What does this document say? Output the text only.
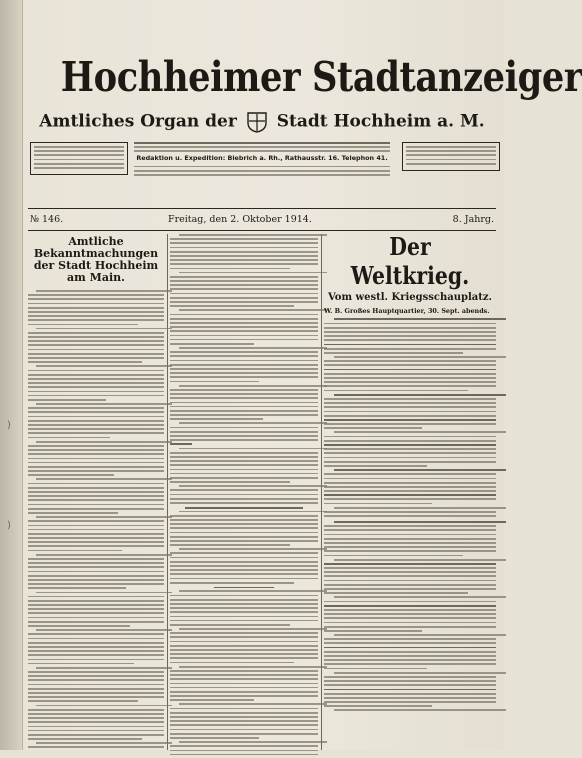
)
)
Hochheimer Stadtanzeiger
Amtliches Organ der Stadt Hochheim a. M.
Redaktion u. Expedition: Biebrich a. Rh., Rathausstr. 16. Telephon 41.
№ 146.	Freitag, den 2. Oktober 1914.	8. Jahrg.
Amtliche Bekanntmachungen der Stadt Hochheim am Main.
Der Weltkrieg.
Vom westl. Kriegsschauplatz.
W. B. Großes Hauptquartier, 30. Sept. abends.
